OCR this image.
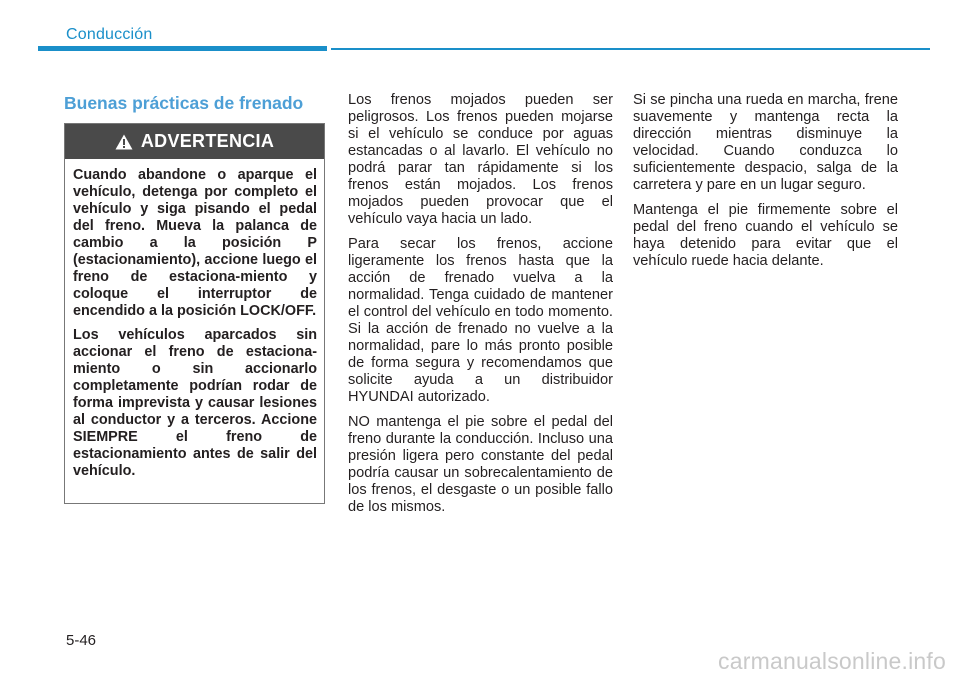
Conducción
Buenas prácticas de frenado
ADVERTENCIA

Cuando abandone o aparque el vehículo, detenga por completo el vehículo y siga pisando el pedal del freno. Mueva la palanca de cambio a la posición P (estacionamiento), accione luego el freno de estaciona-miento y coloque el interruptor de encendido a la posición LOCK/OFF.

Los vehículos aparcados sin accionar el freno de estaciona-miento o sin accionarlo completamente podrían rodar de forma imprevista y causar lesiones al conductor y a terceros. Accione SIEMPRE el freno de estacionamiento antes de salir del vehículo.

Los frenos mojados pueden ser peligrosos. Los frenos pueden mojarse si el vehículo se conduce por aguas estancadas o al lavarlo. El vehículo no podrá parar tan rápidamente si los frenos están mojados. Los frenos mojados pueden provocar que el vehículo vaya hacia un lado.

Para secar los frenos, accione ligeramente los frenos hasta que la acción de frenado vuelva a la normalidad. Tenga cuidado de mantener el control del vehículo en todo momento. Si la acción de frenado no vuelve a la normalidad, pare lo más pronto posible de forma segura y recomendamos que solicite ayuda a un distribuidor HYUNDAI autorizado.

NO mantenga el pie sobre el pedal del freno durante la conducción. Incluso una presión ligera pero constante del pedal podría causar un sobrecalentamiento de los frenos, el desgaste o un posible fallo de los mismos.

Si se pincha una rueda en marcha, frene suavemente y mantenga recta la dirección mientras disminuye la velocidad. Cuando conduzca lo suficientemente despacio, salga de la carretera y pare en un lugar seguro.

Mantenga el pie firmemente sobre el pedal del freno cuando el vehículo se haya detenido para evitar que el vehículo ruede hacia delante.

5-46
carmanualsonline.info
